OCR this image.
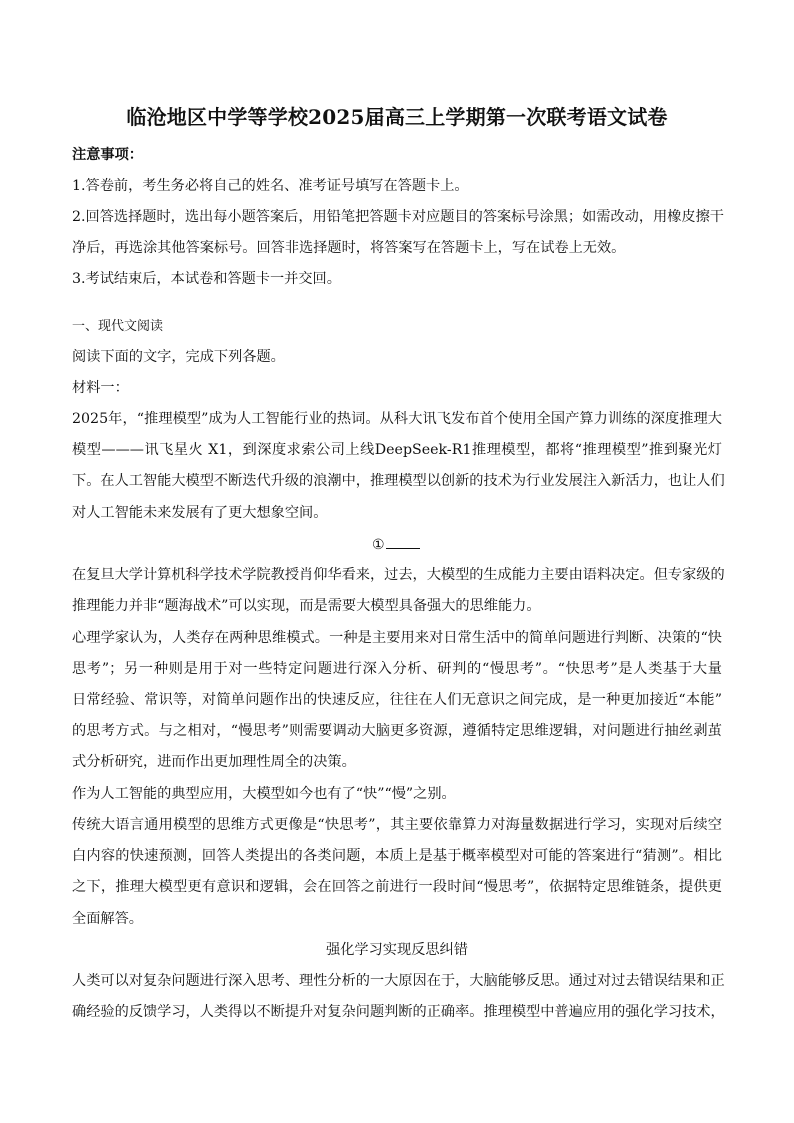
临沧地区中学等学校2025届高三上学期第一次联考语文试卷
注意事项：
1.答卷前，考生务必将自己的姓名、准考证号填写在答题卡上。
2.回答选择题时，选出每小题答案后，用铅笔把答题卡对应题目的答案标号涂黑；如需改动，用橡皮擦干
净后，再选涂其他答案标号。回答非选择题时，将答案写在答题卡上，写在试卷上无效。
3.考试结束后，本试卷和答题卡一并交回。
一、现代文阅读
阅读下面的文字，完成下列各题。
材料一：
2025年，“推理模型”成为人工智能行业的热词。从科大讯飞发布首个使用全国产算力训练的深度推理大
模型———讯飞星火 X1，到深度求索公司上线DeepSeek-R1推理模型，都将“推理模型”推到聚光灯
下。在人工智能大模型不断迭代升级的浪潮中，推理模型以创新的技术为行业发展注入新活力，也让人们
对人工智能未来发展有了更大想象空间。
①
在复旦大学计算机科学技术学院教授肖仰华看来，过去，大模型的生成能力主要由语料决定。但专家级的
推理能力并非“题海战术”可以实现，而是需要大模型具备强大的思维能力。
心理学家认为，人类存在两种思维模式。一种是主要用来对日常生活中的简单问题进行判断、决策的“快
思考”；另一种则是用于对一些特定问题进行深入分析、研判的“慢思考”。“快思考”是人类基于大量
日常经验、常识等，对简单问题作出的快速反应，往往在人们无意识之间完成，是一种更加接近“本能”
的思考方式。与之相对，“慢思考”则需要调动大脑更多资源，遵循特定思维逻辑，对问题进行抽丝剥茧
式分析研究，进而作出更加理性周全的决策。
作为人工智能的典型应用，大模型如今也有了“快”“慢”之别。
传统大语言通用模型的思维方式更像是“快思考”，其主要依靠算力对海量数据进行学习，实现对后续空
白内容的快速预测，回答人类提出的各类问题，本质上是基于概率模型对可能的答案进行“猜测”。相比
之下，推理大模型更有意识和逻辑，会在回答之前进行一段时间“慢思考”，依据特定思维链条，提供更
全面解答。
强化学习实现反思纠错
人类可以对复杂问题进行深入思考、理性分析的一大原因在于，大脑能够反思。通过对过去错误结果和正
确经验的反馈学习，人类得以不断提升对复杂问题判断的正确率。推理模型中普遍应用的强化学习技术，
